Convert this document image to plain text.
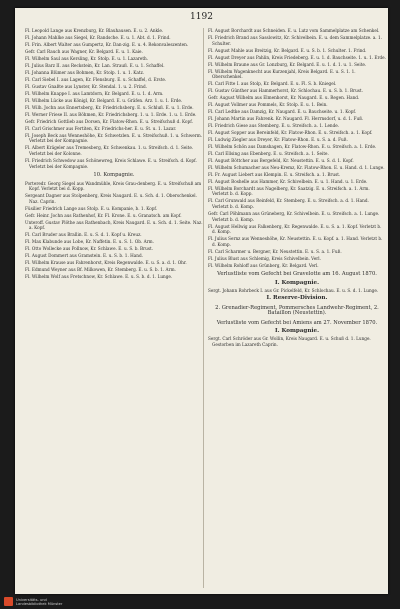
1192
Fl. Leopold Lange aus Krenzburg, Kr. Blauhausen. E. u. 2. Ankle.
Fl. Johann Mahlke aus Siegel, Kr. Randsche. E. u. 1. Abt. d. 1. Frind.
Fl. Frin. Albert Walter aus Gumpertz, Kr. Dan-zig. E. u. 4. Rekonvaleszenten.
Gefr. Carl Rauch aus Wagner, Kr. Belgard. E. u. 1. Kaie.
Fl. Wilhelm Saul aus Kersling, Kr. Stolp. E. u. 1. Lazareth.
Fl. Julius Barz II. aus Reckstein, Kr. Lan. Strauß. E. u. 1. Schaffel.
Fl. Johanna Blümer aus Bohmen, Kr. Stolp. 1. u. 1. Katz.
Fl. Carl Siebel I. aus Lagen, Kr. Flensburg. E. u. Schaffel, d. Erste.
Fl. Gustav Gnaßte aus Lynster, Kr. Stendal. 1. u. 2. Frind.
Fl. Wilhelm Knappe I. aus Lamtdorn, Kr. Belgard. E. u. 1. d. Arm.
Fl. Wilhelm Lücke aus Königl, Kr. Belgard. E. u. Gräfen. Arz. 1. u. 1. Erde.
Fl. Wilh. Jochn aus Ennertsberg, Kr. Friedrichsberg. E. u. Schluß. E. u. 1. Erde.
Fl. Werner Friese II. aus Böhmen, Kr. Friedrichsberg. 1. u. 1. Erde. 1. u. 1. Erde.
Gefr. Friedrich Gottlieb aus Dorsen, Kr. Flatow-Rhon. E. u. Streifschuß d. Kopf.
Fl. Carl Grischmer aus Fertiten, Kr. Friedrichs-her. E. u. St. u. 1. Lazar.
Fl. Joseph Beck aus Wenneshöhe, Kr. Schwetzlen. E. u. Streifschuß. 1. u. Schwerm. Verletzt bei der Kompagnie.
Fl. Albert Krägeler aus Tremesberg, Kr. Schwenkau. 1. u. Streifsch. d. 1. Seite. Verletzt bei der Kolonne.
Fl. Friedrich Schwedow aus Schönewreg, Kreis Schlawe. E. u. Streifsch. d. Kopf. Verletzt bei der Kompagnie.
10. Kompagnie.
Porteredr. Georg Siegel aus Wandmühle, Kreis Grau-denberg. E. u. Streifschuß am Kopf. Verletzt bei d. Kopp.
Sergeant Dagner aus Stolpenberg, Kreis Naugard. E. u. Sch. d. 1. Oberschenkel. Naz. Caprin.
Füsilier Friedrich Lange aus Stolp. E. u. Kompanie, b. 1. Kopf.
Gefr. Heinr. Jochn aus Rathenhof, Kr. Fl. Krone. E. u. Granatsch. am Kopf.
Unteroff. Gustav Plöthe aus Rathenbach, Kreis Naugard. E. u. Sch. d. 1. Seite. Naz. a. Kopf.
Fl. Carl Bruder aus Brallin. E. u. S. d. 1. Kopf u. Kreuz.
Fl. Max Klabunde aus Lobe, Kr. Naffetin. E. u. S. 1. Ob. Arm.
Fl. Otto Wollecke aus Pollnow, Kr. Schlawe. E. u. S. b. Brust.
Fl. August Dommert aus Gramstein. E. u. S. b. 1. Hand.
Fl. Wilhelm Krause aus Fahrenhorst, Kreis Regenwalde. E. u. S. a. d. 1. Ohr.
Fl. Edmund Weyner aus Bf. Milkowen, Kr. Stemberg. E. u. S. b. 1. Arm.
Fl. Wilhelm Wolf aus Fretschnow, Kr. Schlawe. E. u. S. b. d. 1. Lunge.
Fl. August Borchardt aus Schneiden. E. u. Lutz vom Sammelplatze am Schenkel.
Fl. Friedrich Brand aus Sasslowitz, Kr. Schivelbein. E. u. dem Sammelplatze. a. 1. Schulter.
Fl. August Mahle aus Breitzig, Kr. Belgard. E. u. S. b. 1. Schulter. 1. Frind.
Fl. August Dreyer aus Pahlin, Kreis Friedeberg. E. u. 1. d. Bauchseite. 1. u. 1. Erde.
Fl. Wilhelm Braune aus Gr. Lonzburg, Kr. Belgard. E. u. 1. d. 1. u. 1. Seite.
Fl. Wilhelm Wagenknecht aus Kurzenjahl, Kreis Belgard. E. u. S. 1. 1. Oberschenkel.
Fl. Carl Fitte I. aus Stolp, Kr. Belgard. E. u. Fl. S. b. Kniegel.
Fl. Gustav Günther aus Hammerhorst, Kr. Schlochau. E. u. S. b. 1. Brust.
Gefr. August Wilhelm aus Elmenhorst, Kr. Naugard. E. u. Regen. Hand.
Fl. August Vollmer aus Pommels, Kr. Stolp. E. u. 1. Bein.
Fl. Carl Ledtke aus Damzig, Kr. Naugard. E. u. Bauchseite. u. 1. Kopf.
Fl. Johann Martin aus Fahrenk. Kr. Naugard. Fl. Herrnsdorf, u. d. 1. Fuß.
Fl. Friedrich Giese aus Stemberg. E. u. Streifsch. a. 1. Lende.
Fl. August Sopper aus Bereinfeld, Kr. Flatow-Rhon. E. u. Streifsch. a. 1. Kopf.
Fl. Ludwig Ziegler aus Dreyer, Kr. Flatow-Rhon. E. u. S. a. d. Fuß.
Fl. Wilhelm Schön aus Damshagen, Kr. Flatow-Rhon. E. u. Streifsch. a. 1. Erde.
Fl. Carl Ellsing aus Ebenberg. E. u. Streifsch. a. 1. Seite.
Fl. August Böttcher aus Bergefeld, Kr. Neustettin. E. u. S. d. 1. Kopf.
Fl. Wilhelm Schumacher aus Neu-Kremz, Kr. Flatow-Rhon. E. u. Hand. d. 1. Lunge.
Fl. Fr. August Liebert aus Klempin. E. u. Streifsch. a. 1. Brust.
Fl. August Boshelle aus Hammer, Kr. Schivelbein. E. u. 1. Hand. u. 1. Erde.
Fl. Wilhelm Borchardt aus Nagelberg, Kr. Saatzig. E. u. Streifsch. a. 1. Arm. Verletzt b. d. Kopp.
Fl. Carl Grunwald aus Reinfeld, Kr. Stemberg. E. u. Streifsch. a. d. 1. Hand. Verletzt b. d. Komp.
Gefr. Carl Pöhlmann aus Grüneberg, Kr. Schivelbein. E. u. Streifsch. a. 1. Lunge. Verletzt b. d. Komp.
Fl. August Hellwig aus Falkenberg, Kr. Regenwalde. E. u. S. a. 1. Kopf. Verletzt b. d. Komp.
Fl. Julius Sernz aus Wenneshöhe, Kr. Neustettin. E. u. Kopf. a. 1. Hand. Verletzt b. d. Komp.
Fl. Carl Scharmer u. Bergner, Kr. Neustettin. E. u. S. a. 1. Fuß.
Fl. Julius Blust aus Schlemig, Kreis Schivelbein. Verl.
Fl. Wilhelm Rohloff aus Grünberg, Kr. Belgard. Verl.
Verlustliste vom Gefecht bei Gravelotte am 16. August 1870.
I. Kompagnie.
Sergt. Johann Rohrbeck I. aus Gr. Pickelfeld, Kr. Schlochau. E. u. S. d. 1. Lunge.
I. Reserve-Division.
2. Grenadier-Regiment, Pommersches Landwehr-Regiment, 2. Bataillon (Neustettin).
Verlustliste vom Gefecht bei Amiens am 27. November 1870.
I. Kompagnie.
Sergt. Carl Schröder aus Gr. Wollin, Kreis Naugard. E. u. Schuß d. 1. Lunge. Gestorben im Lazareth Caprin.
Universitäts- und
Landesbibliothek Münster
